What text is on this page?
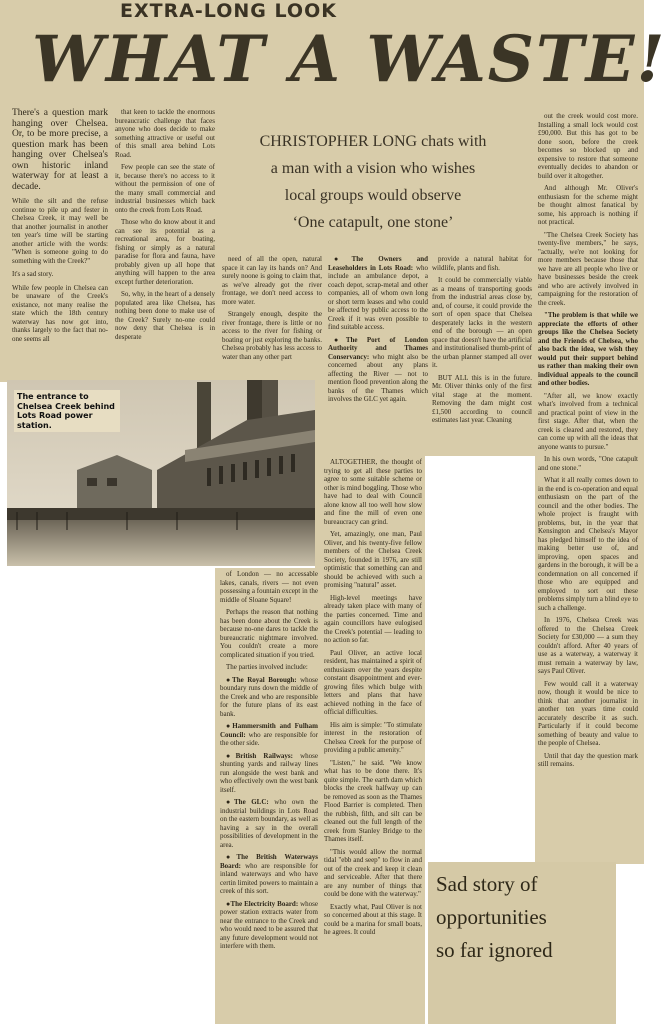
EXTRA-LONG LOOK
WHAT A WASTE!

There's a question mark hanging over Chelsea. Or, to be more precise, a question mark has been hanging over Chelsea's own historic inland waterway for at least a decade.

While the silt and the refuse continue to pile up and fester in Chelsea Creek, it may well be that another journalist in another ten year's time will be starting another article with the words: "When is someone going to do something with the Creek?"

It's a sad story.

While few people in Chelsea can be unaware of the Creek's existance, not many realise the state which the 18th century waterway has now got into, thanks largely to the fact that no-one seems all

that keen to tackle the enormous bureaucratic challenge that faces anyone who does decide to make something attractive or useful out of this small area behind Lots Road.

Few people can see the state of it, because there's no access to it without the permission of one of the many small commercial and industrial businesses which back onto the creek from Lots Road.

Those who do know about it and can see its potential as a recreational area, for boating, fishing or simply as a natural paradise for flora and fauna, have probably given up all hope that anything will happen to the area except further deterioration.

So, why, in the heart of a densely populated area like Chelsea, has nothing been done to make use of the Creek? Surely no-one could now deny that Chelsea is in desperate

CHRISTOPHER LONG chats with
a man with a vision who wishes
local groups would observe
‘One catapult, one stone’

need of all the open, natural space it can lay its hands on? And surely noone is going to claim that, as we've already got the river frontage, we don't need access to more water.

Strangely enough, despite the river frontage, there is little or no access to the river for fishing or boating or just exploring the banks. Chelsea probably has less access to water than any other part

● The Owners and Leaseholders in Lots Road: who include an ambulance depot, a coach depot, scrap-metal and other companies, all of whom own long or short term leases and who could be affected by public access to the Creek if it was even possible to find suitable access.

● The Port of London Authority and Thames Conservancy: who might also be concerned about any plans affecting the River — not to mention flood prevention along the banks of the Thames which involves the GLC yet again.

provide a natural habitat for wildlife, plants and fish.

It could be commercially viable as a means of transporting goods from the industrial areas close by, and, of course, it could provide the sort of open space that Chelsea desperately lacks in the western end of the borough — an open space that doesn't have the artificial and institutionalised thumb-print of the urban planner stamped all over it.

BUT ALL this is in the future. Mr. Oliver thinks only of the first vital stage at the moment. Removing the dam might cost £1,500 according to council estimates last year. Cleaning

out the creek would cost more. Installing a small lock would cost £90,000. But this has got to be done soon, before the creek becomes so blocked up and expensive to restore that someone eventually decides to abandon or build over it altogether.

And although Mr. Oliver's enthusiasm for the scheme might be thought almost fanatical by some, his approach is nothing if not practical.

"The Chelsea Creek Society has twenty-five members," he says, "actually, we're not looking for more members because those that we have are all people who live or have businesses beside the creek and who are actively involved in campaigning for the restoration of the creek.

"The problem is that while we appreciate the efforts of other groups like the Chelsea Society and the Friends of Chelsea, who also back the idea, we wish they would put their support behind us rather than making their own individual appeals to the council and other bodies.

"After all, we know exactly what's involved from a technical and practical point of view in the first stage. After that, when the creek is cleared and restored, they can come up with all the ideas that anyone wants to pursue."

In his own words, "One catapult and one stone."

What it all really comes down to in the end is co-operation and equal enthusiasm on the part of the council and the other bodies. The whole project is fraught with problems, but, in the year that Kensington and Chelsea's Mayor has pledged himself to the idea of making better use of, and improving, open spaces and gardens in the borough, it will be a condemnation on all concerned if those who are equipped and employed to sort out these problems simply turn a blind eye to such a challenge.

In 1976, Chelsea Creek was offered to the Chelsea Creek Society for £30,000 — a sum they couldn't afford. After 40 years of use as a waterway, a waterway it must remain a waterway by law, says Paul Oliver.

Few would call it a waterway now, though it would be nice to think that another journalist in another ten years time could accurately describe it as such. Particularly if it could become something of beauty and value to the people of Chelsea.

Until that day the question mark still remains.

The entrance to Chelsea Creek behind Lots Road power station.

of London — no accessable lakes, canals, rivers — not even possessing a fountain except in the middle of Sloane Square!

Perhaps the reason that nothing has been done about the Creek is because no-one dares to tackle the bureaucratic nightmare involved. You couldn't create a more complicated situation if you tried.

The parties involved include:

● The Royal Borough: whose boundary runs down the middle of the Creek and who are responsible for the future plans of its east bank.

● Hammersmith and Fulham Council: who are responsible for the other side.

● British Railways: whose shunting yards and railway lines run alongside the west bank and who effectively own the west bank itself.

● The GLC: who own the industrial buildings in Lots Road on the eastern boundary, as well as having a say in the overall possibilities of development in the area.

● The British Waterways Board: who are responsible for inland waterways and who have certin limited powers to maintain a creek of this sort.

● The Electricity Board: whose power station extracts water from near the entrance to the Creek and who would need to be assured that any future development would not interfere with them.

ALTOGETHER, the thought of trying to get all these parties to agree to some suitable scheme or other is mind boggling. Those who have had to deal with Council alone know all too well how slow and fine the mill of even one bureaucracy can grind.

Yet, amazingly, one man, Paul Oliver, and his twenty-five fellow members of the Chelsea Creek Society, founded in 1976, are still optimistic that something can and should be achieved with such a promising "natural" asset.

High-level meetings have already taken place with many of the parties concerned. Time and again councillors have eulogised the Creek's potential — leading to no action so far.

Paul Oliver, an active local resident, has maintained a spirit of enthusiasm over the years despite constant disappointment and ever-growing files which bulge with letters and plans that have achieved nothing in the face of official difficulties.

His aim is simple: "To stimulate interest in the restoration of Chelsea Creek for the purpose of providing a public amenity."

"Listen," he said. "We know what has to be done there. It's quite simple. The earth dam which blocks the creek halfway up can be removed as soon as the Thames Flood Barrier is completed. Then the rubbish, filth, and silt can be cleaned out the full length of the creek from Stanley Bridge to the Thames itself.

"This would allow the normal tidal "ebb and seep" to flow in and out of the creek and keep it clean and serviceable. After that there are any number of things that could be done with the waterway."

Exactly what, Paul Oliver is not so concerned about at this stage. It could be a marina for small boats, he agrees. It could

Sad story of
opportunities
so far ignored
